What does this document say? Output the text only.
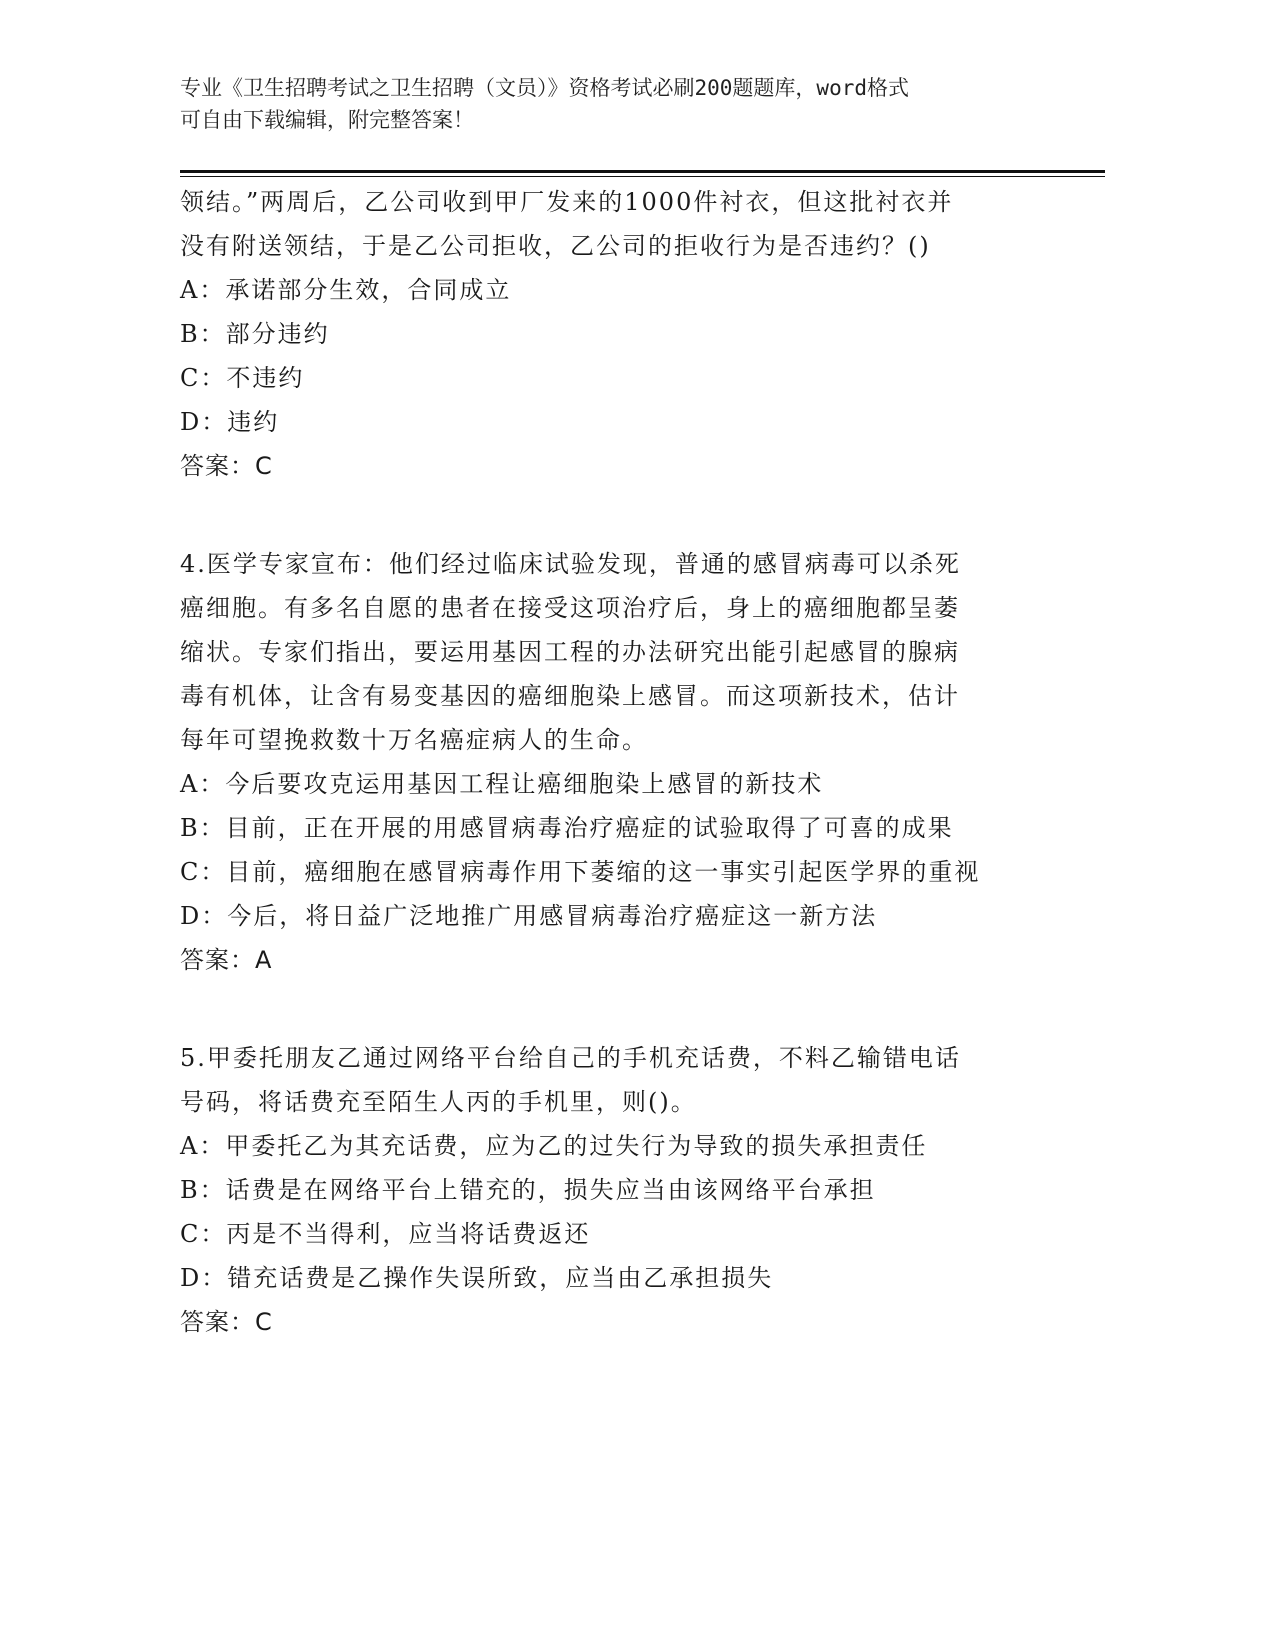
专业《卫生招聘考试之卫生招聘（文员）》资格考试必刷200题题库，word格式
可自由下载编辑，附完整答案！
领结。”两周后，乙公司收到甲厂发来的1000件衬衣，但这批衬衣并
没有附送领结，于是乙公司拒收，乙公司的拒收行为是否违约？()
A：承诺部分生效，合同成立
B：部分违约
C：不违约
D：违约
答案：C
4.医学专家宣布：他们经过临床试验发现，普通的感冒病毒可以杀死
癌细胞。有多名自愿的患者在接受这项治疗后，身上的癌细胞都呈萎
缩状。专家们指出，要运用基因工程的办法研究出能引起感冒的腺病
毒有机体，让含有易变基因的癌细胞染上感冒。而这项新技术，估计
每年可望挽救数十万名癌症病人的生命。
A：今后要攻克运用基因工程让癌细胞染上感冒的新技术
B：目前，正在开展的用感冒病毒治疗癌症的试验取得了可喜的成果
C：目前，癌细胞在感冒病毒作用下萎缩的这一事实引起医学界的重视
D：今后，将日益广泛地推广用感冒病毒治疗癌症这一新方法
答案：A
5.甲委托朋友乙通过网络平台给自己的手机充话费，不料乙输错电话
号码，将话费充至陌生人丙的手机里，则()。
A：甲委托乙为其充话费，应为乙的过失行为导致的损失承担责任
B：话费是在网络平台上错充的，损失应当由该网络平台承担
C：丙是不当得利，应当将话费返还
D：错充话费是乙操作失误所致，应当由乙承担损失
答案：C
